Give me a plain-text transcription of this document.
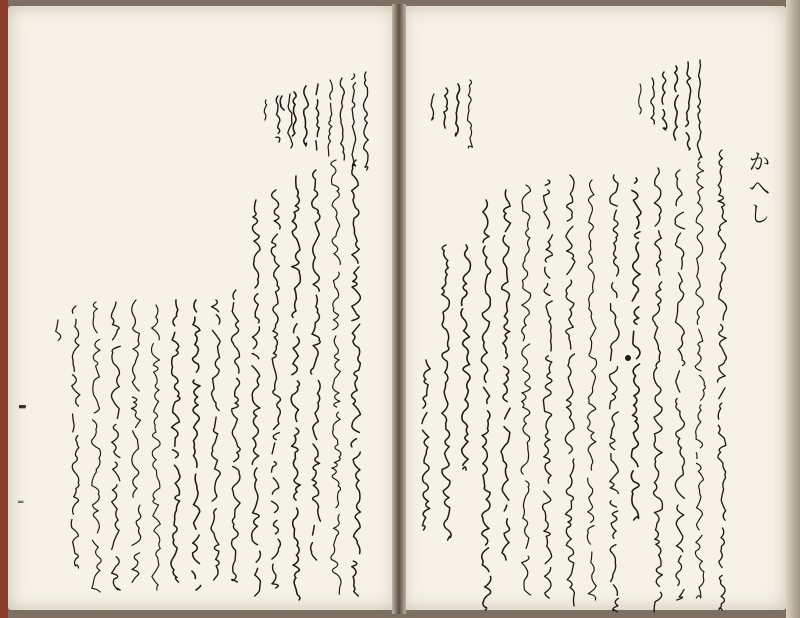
かへし
▬
═
